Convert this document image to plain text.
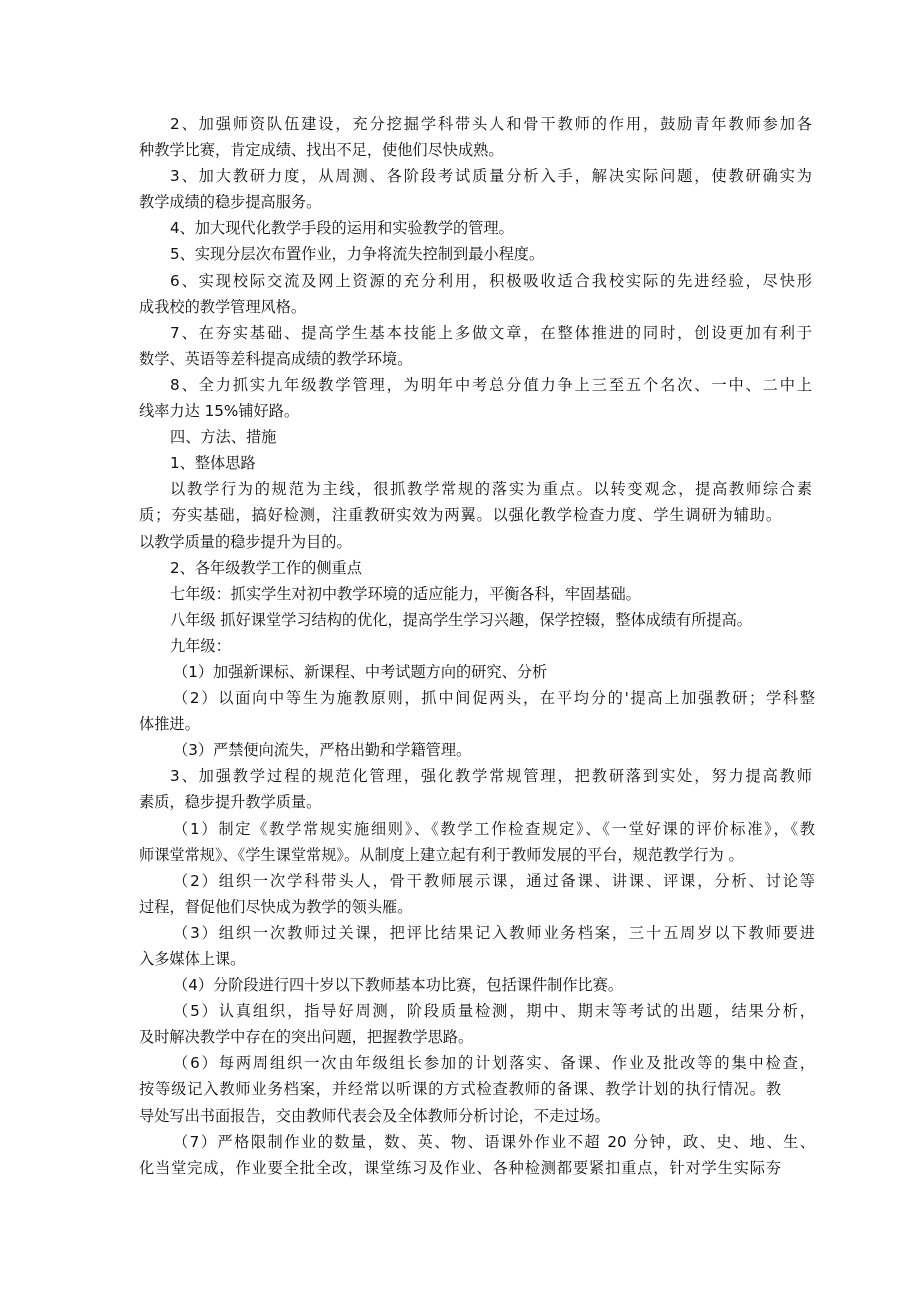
2、加强师资队伍建设，充分挖掘学科带头人和骨干教师的作用，鼓励青年教师参加各
种教学比赛，肯定成绩、找出不足，使他们尽快成熟。
3、加大教研力度，从周测、各阶段考试质量分析入手，解决实际问题，使教研确实为
教学成绩的稳步提高服务。
4、加大现代化教学手段的运用和实验教学的管理。
5、实现分层次布置作业，力争将流失控制到最小程度。
6、实现校际交流及网上资源的充分利用，积极吸收适合我校实际的先进经验，尽快形
成我校的教学管理风格。
7、在夯实基础、提高学生基本技能上多做文章，在整体推进的同时，创设更加有利于
数学、英语等差科提高成绩的教学环境。
8、全力抓实九年级教学管理，为明年中考总分值力争上三至五个名次、一中、二中上
线率力达 15%铺好路。
四、方法、措施
1、整体思路
以教学行为的规范为主线，很抓教学常规的落实为重点。以转变观念，提高教师综合素
质；夯实基础，搞好检测，注重教研实效为两翼。以强化教学检查力度、学生调研为辅助。
以教学质量的稳步提升为目的。
2、各年级教学工作的侧重点
七年级：抓实学生对初中教学环境的适应能力，平衡各科，牢固基础。
八年级 抓好课堂学习结构的优化，提高学生学习兴趣，保学控辍，整体成绩有所提高。
九年级：
（1）加强新课标、新课程、中考试题方向的研究、分析
（2）以面向中等生为施教原则，抓中间促两头，在平均分的'提高上加强教研；学科整
体推进。
（3）严禁便向流失，严格出勤和学籍管理。
3、加强教学过程的规范化管理，强化教学常规管理，把教研落到实处，努力提高教师
素质，稳步提升教学质量。
（1）制定《教学常规实施细则》、《教学工作检查规定》、《一堂好课的评价标准》，《教
师课堂常规》、《学生课堂常规》。从制度上建立起有利于教师发展的平台，规范教学行为 。
（2）组织一次学科带头人，骨干教师展示课，通过备课、讲课、评课，分析、讨论等
过程，督促他们尽快成为教学的领头雁。
（3）组织一次教师过关课，把评比结果记入教师业务档案，三十五周岁以下教师要进
入多媒体上课。
（4）分阶段进行四十岁以下教师基本功比赛，包括课件制作比赛。
（5）认真组织，指导好周测，阶段质量检测，期中、期末等考试的出题，结果分析，
及时解决教学中存在的突出问题，把握教学思路。
（6）每两周组织一次由年级组长参加的计划落实、备课、作业及批改等的集中检查，
按等级记入教师业务档案，并经常以听课的方式检查教师的备课、教学计划的执行情况。教
导处写出书面报告，交由教师代表会及全体教师分析讨论，不走过场。
（7）严格限制作业的数量，数、英、物、语课外作业不超 20 分钟，政、史、地、生、
化当堂完成，作业要全批全改，课堂练习及作业、各种检测都要紧扣重点，针对学生实际夯
